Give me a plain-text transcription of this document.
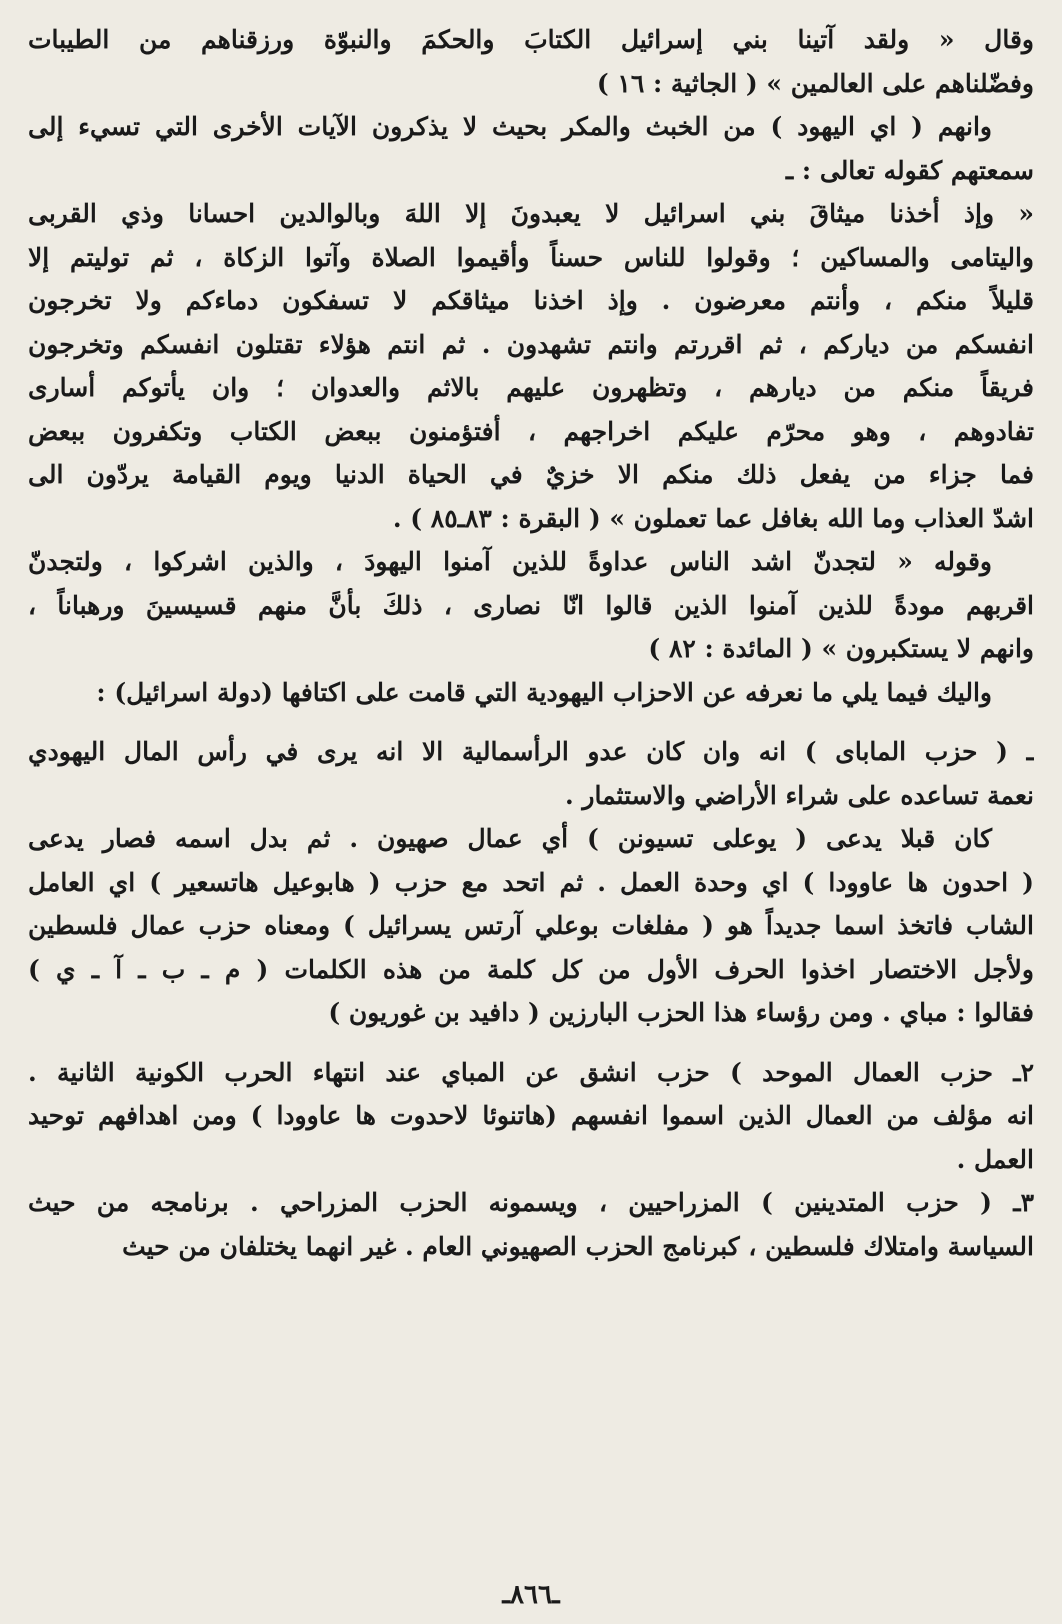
وقال « ولقد آتينا بني إسرائيل الكتابَ والحكمَ والنبوّة ورزقناهم من الطيبات
وفضّلناهم على العالمين » ( الجاثية : ١٦ )
وانهم ( اي اليهود ) من الخبث والمكر بحيث لا يذكرون الآيات الأخرى التي تسيء إلى
سمعتهم كقوله تعالى : ـ
« وإذ أخذنا ميثاقَ بني اسرائيل لا يعبدونَ إلا اللهَ وبالوالدين احسانا وذي القربى
واليتامى والمساكين ؛ وقولوا للناس حسناً وأقيموا الصلاة وآتوا الزكاة ، ثم توليتم إلا
قليلاً منكم ، وأنتم معرضون . وإذ اخذنا ميثاقكم لا تسفكون دماءكم ولا تخرجون
انفسكم من دياركم ، ثم اقررتم وانتم تشهدون . ثم انتم هؤلاء تقتلون انفسكم وتخرجون
فريقاً منكم من ديارهم ، وتظهرون عليهم بالاثم والعدوان ؛ وان يأتوكم أسارى
تفادوهم ، وهو محرّم عليكم اخراجهم ، أفتؤمنون ببعض الكتاب وتكفرون ببعض
فما جزاء من يفعل ذلك منكم الا خزيٌ في الحياة الدنيا ويوم القيامة يردّون الى
اشدّ العذاب وما الله بغافل عما تعملون » ( البقرة : ٨٣ـ٨٥ ) .
وقوله « لتجدنّ اشد الناس عداوةً للذين آمنوا اليهودَ ، والذين اشركوا ، ولتجدنّ
اقربهم مودةً للذين آمنوا الذين قالوا انّا نصارى ، ذلكَ بأنَّ منهم قسيسينَ ورهباناً ،
وانهم لا يستكبرون » ( المائدة : ٨٢ )
واليك فيما يلي ما نعرفه عن الاحزاب اليهودية التي قامت على اكتافها (دولة اسرائيل) :
ـ ( حزب المابای ) انه وان كان عدو الرأسمالية الا انه يرى في رأس المال اليهودي
نعمة تساعده على شراء الأراضي والاستثمار .
كان قبلا يدعى ( يوعلی تسيونن ) أي عمال صهيون . ثم بدل اسمه فصار يدعى
( احدون ها عاوودا ) اي وحدة العمل . ثم اتحد مع حزب ( هابوعيل هاتسعير ) اي العامل
الشاب فاتخذ اسما جديداً هو ( مفلغات بوعلي آرتس يسرائيل ) ومعناه حزب عمال فلسطين
ولأجل الاختصار اخذوا الحرف الأول من كل كلمة من هذه الكلمات ( م ـ ب ـ آ ـ ي )
فقالوا : مباي . ومن رؤساء هذا الحزب البارزين ( دافيد بن غوريون )
٢ـ حزب العمال الموحد ) حزب انشق عن المباي عند انتهاء الحرب الكونية الثانية .
انه مؤلف من العمال الذين اسموا انفسهم (هاتنوئا لاحدوت ها عاوودا ) ومن اهدافهم توحيد
العمل .
٣ـ ( حزب المتدينين ) المزراحيين ، ويسمونه الحزب المزراحي . برنامجه من حيث
السياسة وامتلاك فلسطين ، كبرنامج الحزب الصهيوني العام . غير انهما يختلفان من حيث
ـ٨٦٦ـ
